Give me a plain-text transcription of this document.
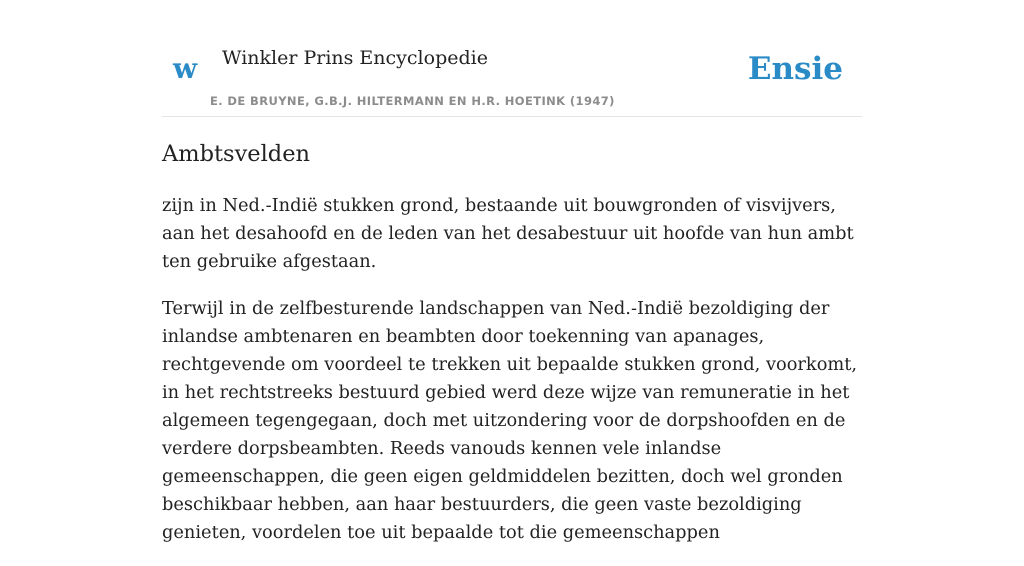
w Winkler Prins Encyclopedie
E. DE BRUYNE, G.B.J. HILTERMANN EN H.R. HOETINK (1947)
Ensie
Ambtsvelden

zijn in Ned.-Indië stukken grond, bestaande uit bouwgronden of visvijvers, aan het desahoofd en de leden van het desabestuur uit hoofde van hun ambt ten gebruike afgestaan.

Terwijl in de zelfbesturende landschappen van Ned.-Indië bezoldiging der inlandse ambtenaren en beambten door toekenning van apanages, rechtgevende om voordeel te trekken uit bepaalde stukken grond, voorkomt, in het rechtstreeks bestuurd gebied werd deze wijze van remuneratie in het algemeen tegengegaan, doch met uitzondering voor de dorpshoofden en de verdere dorpsbeambten. Reeds vanouds kennen vele inlandse gemeenschappen, die geen eigen geldmiddelen bezitten, doch wel gronden beschikbaar hebben, aan haar bestuurders, die geen vaste bezoldiging genieten, voordelen toe uit bepaalde tot die gemeenschappen
